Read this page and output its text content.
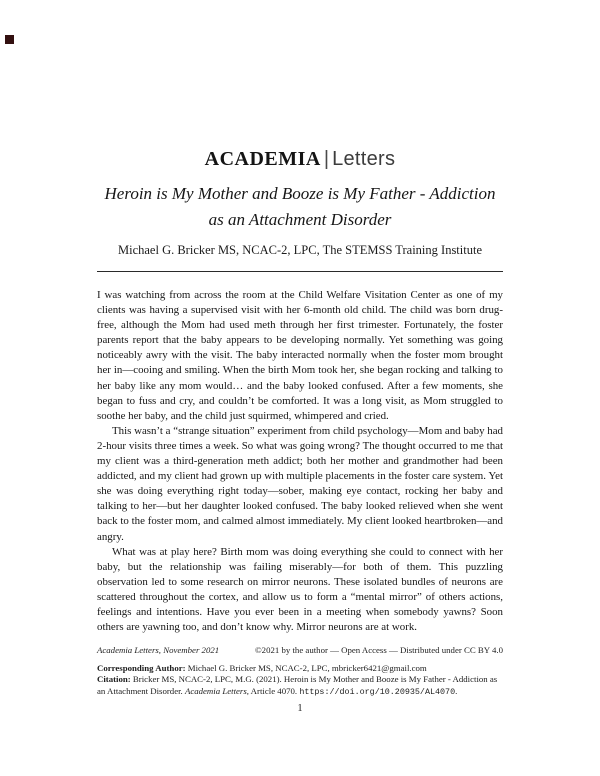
ACADEMIA | Letters
Heroin is My Mother and Booze is My Father - Addiction
as an Attachment Disorder
Michael G. Bricker MS, NCAC-2, LPC, The STEMSS Training Institute

I was watching from across the room at the Child Welfare Visitation Center as one of my clients was having a supervised visit with her 6-month old child. The child was born drug-free, although the Mom had used meth through her first trimester. Fortunately, the foster parents report that the baby appears to be developing normally. Yet something was going noticeably awry with the visit. The baby interacted normally when the foster mom brought her in—cooing and smiling. When the birth Mom took her, she began rocking and talking to her baby like any mom would… and the baby looked confused. After a few moments, she began to fuss and cry, and couldn’t be comforted. It was a long visit, as Mom struggled to soothe her baby, and the child just squirmed, whimpered and cried.

This wasn’t a “strange situation” experiment from child psychology—Mom and baby had 2-hour visits three times a week. So what was going wrong? The thought occurred to me that my client was a third-generation meth addict; both her mother and grandmother had been addicted, and my client had grown up with multiple placements in the foster care system. Yet she was doing everything right today—sober, making eye contact, rocking her baby and talking to her—but her daughter looked confused. The baby looked relieved when she went back to the foster mom, and calmed almost immediately. My client looked heartbroken—and angry.

What was at play here? Birth mom was doing everything she could to connect with her baby, but the relationship was failing miserably—for both of them. This puzzling observation led to some research on mirror neurons. These isolated bundles of neurons are scattered throughout the cortex, and allow us to form a “mental mirror” of others actions, feelings and intentions. Have you ever been in a meeting when somebody yawns? Soon others are yawning too, and don’t know why. Mirror neurons are at work.

Academia Letters, November 2021	©2021 by the author — Open Access — Distributed under CC BY 4.0
Corresponding Author: Michael G. Bricker MS, NCAC-2, LPC, mbricker6421@gmail.com
Citation: Bricker MS, NCAC-2, LPC, M.G. (2021). Heroin is My Mother and Booze is My Father - Addiction as an Attachment Disorder. Academia Letters, Article 4070. https://doi.org/10.20935/AL4070.
1
